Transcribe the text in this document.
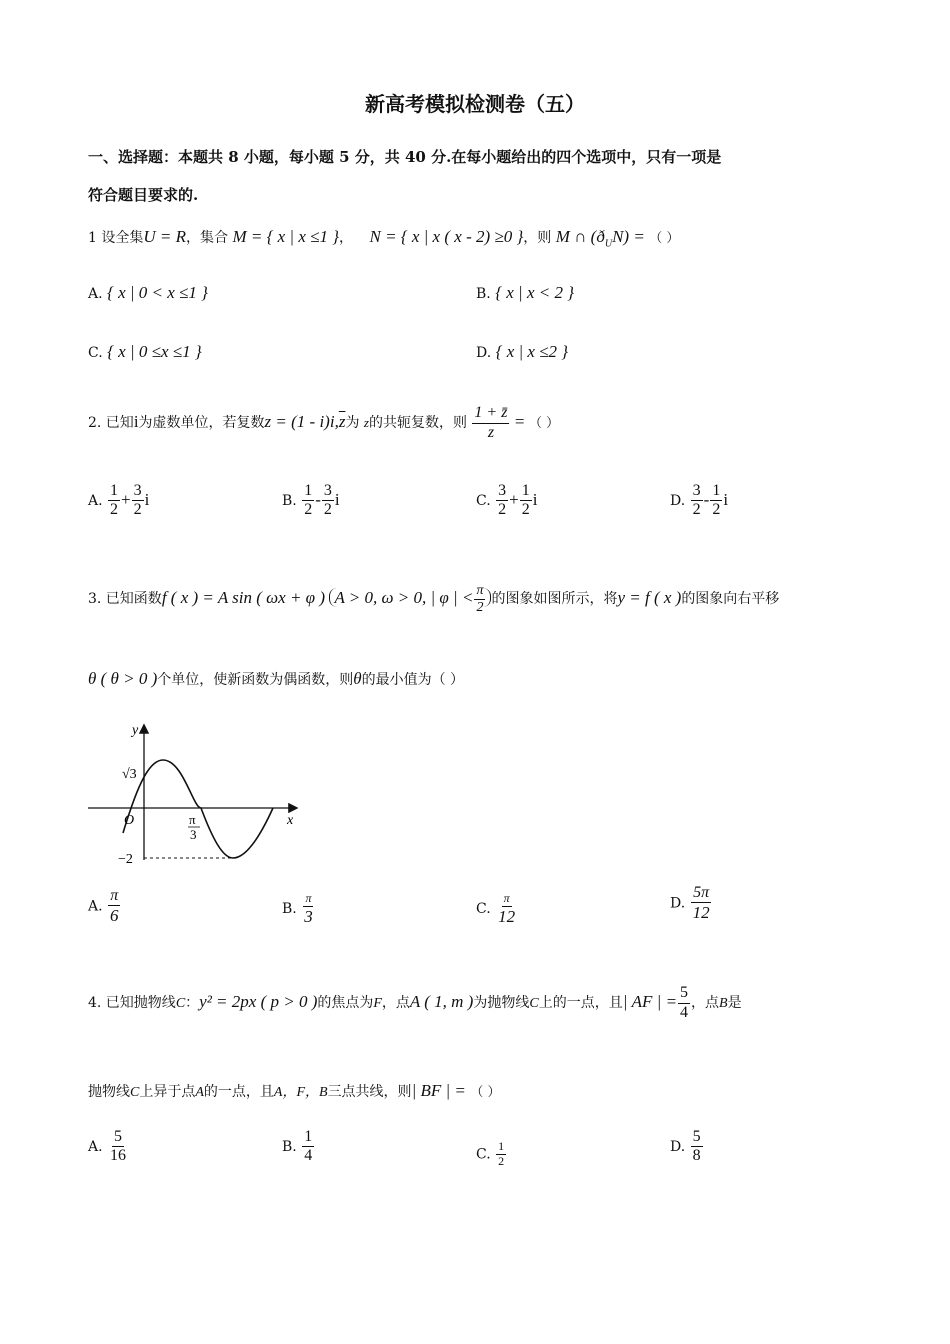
新高考模拟检测卷（五）
一、选择题：本题共 8 小题，每小题 5 分，共 40 分.在每小题给出的四个选项中，只有一项是
符合题目要求的.
1 设全集U = R，集合 M = { x | x ≤1 }， N = { x | x ( x - 2) ≥0 }，则 M ∩ $(ð_UN)$ = （ ）
A. { x | 0 < x ≤1 }	B. { x | x < 2 }
C. { x | 0 ≤x ≤1 }	D. { x | x ≤2 }
2. 已知i为虚数单位，若复数$z = (1 - i)i,\overline{z}$为 z的共轭复数，则 $\frac{1 + z̄}{z}$ = （ ）
A. $\frac{1}{2} + \frac{3}{2}$ i	B. $\frac{1}{2} - \frac{3}{2}$ i	C. $\frac{3}{2} + \frac{1}{2}$ i	D. $\frac{3}{2} - \frac{1}{2}$ i
3. 已知函数f ( x ) = A sin ( ωx + φ ) A > 0, ω > 0, | φ | < $\frac{\pi}{2}$ 的图象如图所示，将y = f ( x )的图象向右平移
θ ( θ > 0 )个单位，使新函数为偶函数，则θ的最小值为（ ）
y
x
O
√3
π
3
−2
A. $\frac{\pi}{6}$	B. $\frac{\pi}{3}$	C. $\frac{\pi}{12}$	D. $\frac{5\pi}{12}$
4. 已知抛物线C：y² = 2px ( p > 0 )的焦点为F，点A ( 1, m )为抛物线C上的一点，且| AF | = $\frac{5}{4}$ ，点B是
抛物线C上异于点A的一点，且A，F，B三点共线，则| BF | = （ ）
A. $\frac{5}{16}$	B. $\frac{1}{4}$	C. $\frac{1}{2}$	D. $\frac{5}{8}$
